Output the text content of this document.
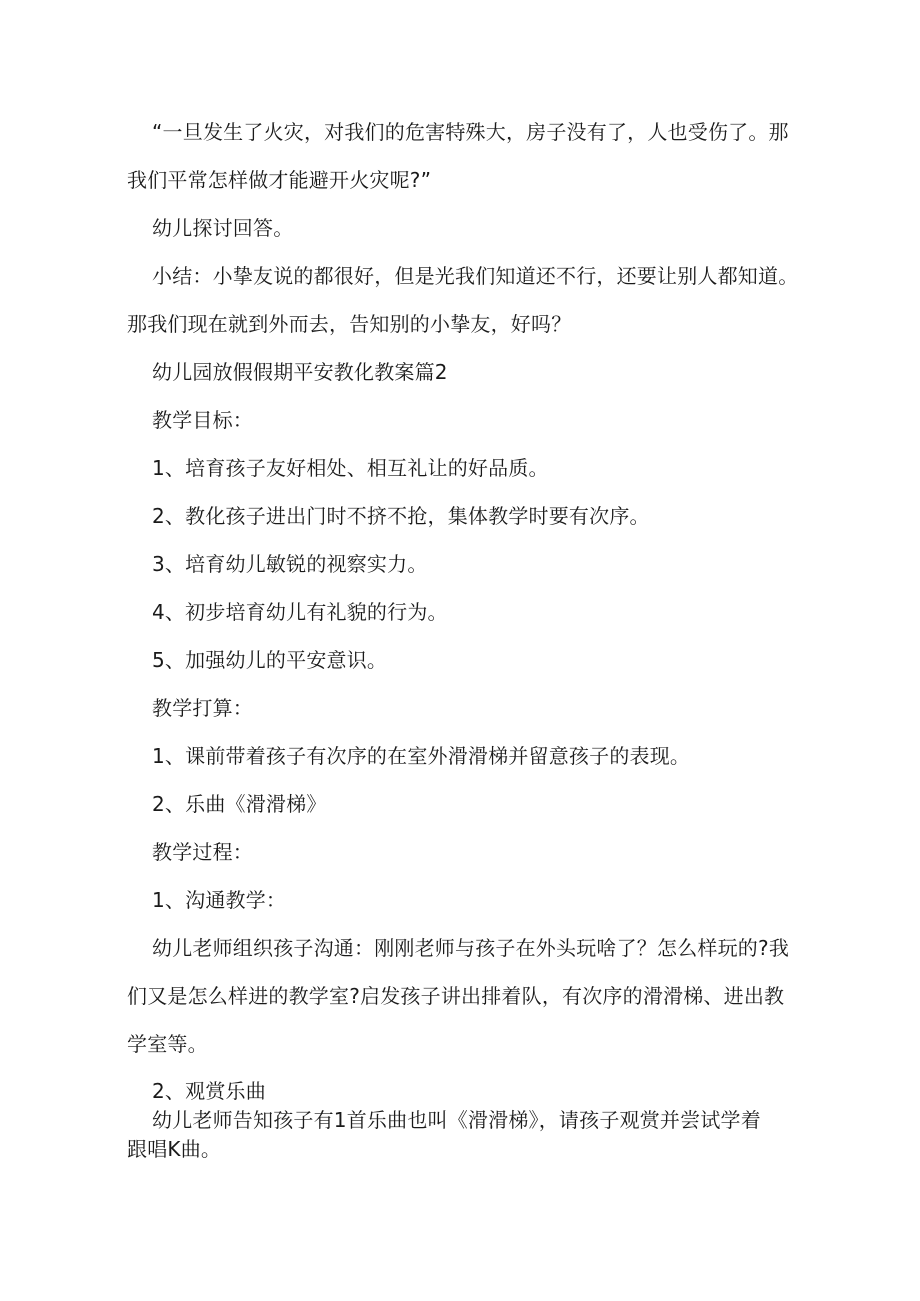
“一旦发生了火灾，对我们的危害特殊大，房子没有了，人也受伤了。那
我们平常怎样做才能避开火灾呢?”
幼儿探讨回答。
小结：小挚友说的都很好，但是光我们知道还不行，还要让别人都知道。
那我们现在就到外而去，告知别的小挚友，好吗？
幼儿园放假假期平安教化教案篇2
教学目标：
1、培育孩子友好相处、相互礼让的好品质。
2、教化孩子进出门时不挤不抢，集体教学时要有次序。
3、培育幼儿敏锐的视察实力。
4、初步培育幼儿有礼貌的行为。
5、加强幼儿的平安意识。
教学打算：
1、课前带着孩子有次序的在室外滑滑梯并留意孩子的表现。
2、乐曲《滑滑梯》
教学过程：
1、沟通教学：
幼儿老师组织孩子沟通：刚刚老师与孩子在外头玩啥了？怎么样玩的?我
们又是怎么样进的教学室?启发孩子讲出排着队，有次序的滑滑梯、进出教
学室等。
2、观赏乐曲
幼儿老师告知孩子有1首乐曲也叫《滑滑梯》，请孩子观赏并尝试学着
跟唱K曲。
